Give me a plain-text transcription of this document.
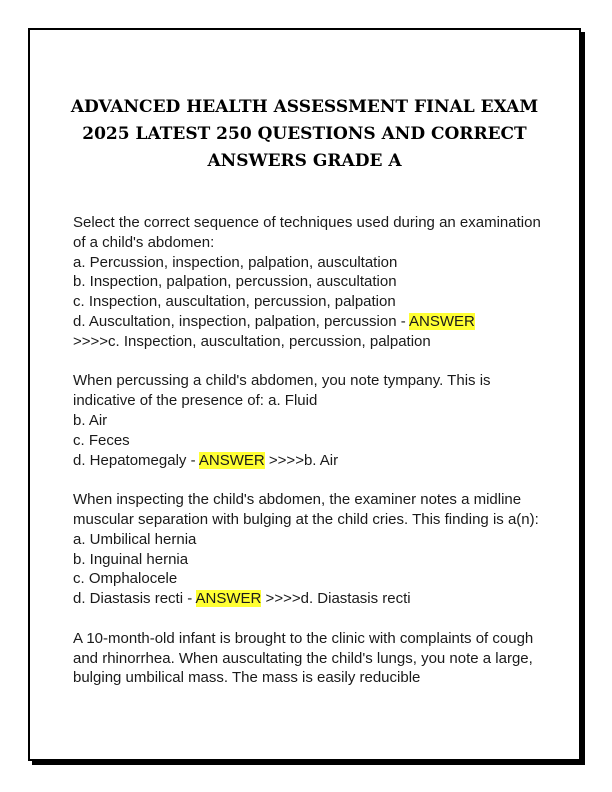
ADVANCED HEALTH ASSESSMENT FINAL EXAM 2025 LATEST 250 QUESTIONS AND CORRECT ANSWERS GRADE A

Select the correct sequence of techniques used during an examination of a child's abdomen:

a. Percussion, inspection, palpation, auscultation

b. Inspection, palpation, percussion, auscultation

c. Inspection, auscultation, percussion, palpation

d. Auscultation, inspection, palpation, percussion - ANSWER

>>>>c. Inspection, auscultation, percussion, palpation

When percussing a child's abdomen, you note tympany. This is indicative of the presence of: a. Fluid

b. Air

c. Feces

d. Hepatomegaly - ANSWER >>>>b. Air

When inspecting the child's abdomen, the examiner notes a midline muscular separation with bulging at the child cries. This finding is a(n):

a. Umbilical hernia

b. Inguinal hernia

c. Omphalocele

d. Diastasis recti - ANSWER >>>>d. Diastasis recti

A 10-month-old infant is brought to the clinic with complaints of cough and rhinorrhea. When auscultating the child's lungs, you note a large, bulging umbilical mass. The mass is easily reducible
